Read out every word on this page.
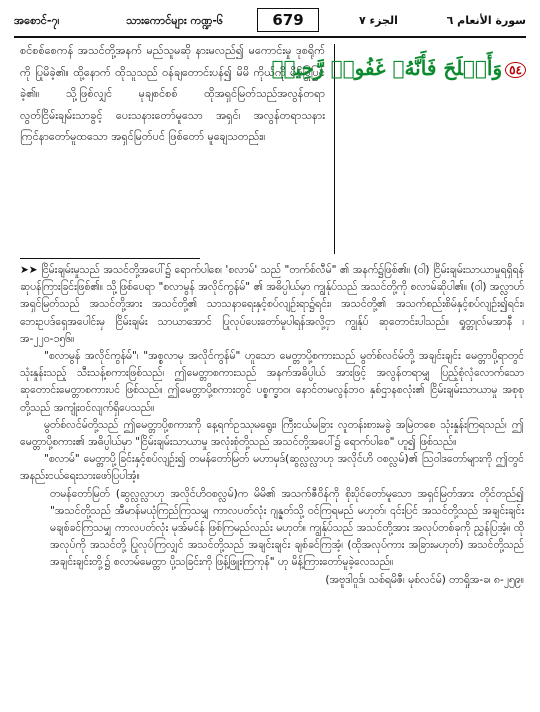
အစောင်-၇၊	သားကောင်များ ကဏ္ဍ-၆	679	الجزء ٧	سورة الأنعام ٦
စင်စစ်စေကန် အသင်တို့အနက် မည်သူမဆို နားမလည်၍ မကောင်းမှု ဒုစရိုက်ကို ပြုမိခဲ့၏။ ထို့နောက် ထိုသူသည် ဝန်ချတောင်းပန်၍ မိမိ ကိုယ်ကို မိမိပြုပြင်ခဲ့၏။ သို့ဖြစ်လျှင် မုချစင်စစ် ထိုအရှင်မြတ်သည်အလွန်တရာ လွတ်ငြိမ်းချမ်းသာခွင့် ပေးသနားတော်မူသော အရှင်၊ အလွန်တရာသနား ကြင်နာတော်မူထသော အရှင်မြတ်ပင် ဖြစ်တော် မူချေသတည်း။
٥٤وَأَصۡلَحَ فَأَنَّهُۥ غَفُورٞ رَّحِيمٞ

➤➤ ငြိမ်းချမ်းမှုသည် အသင်တို့အပေါ်၌ ရောက်ပါစေ၊ 'စလာမ်' သည် "တက်စ်လီမ်" ၏ အနက်၌ဖြစ်၏။ (ဝါ) ငြိမ်းချမ်းသာယာမှုရရှိရန် ဆုပန်ကြားခြင်းဖြစ်၏။ သို့ဖြစ်ပေရာ "စလာမွန် အလိုင်ကွန်မ်" ၏ အဓိပ္ပါယ်မှာ ကျွန်ုပ်သည် အသင်တို့ကို စလာမ်ဆိုပါ၏။ (ဝါ) အလ္လာဟ်အရှင်မြတ်သည် အသင်တို့အား အသင်တို့၏ သာသနာရေးနှင့်စပ်လျဉ်းရာ၌ရင်း၊ အသင်တို့၏ အသက်စည်းစိမ်နှင့်စပ်လျဉ်း၍ရင်း၊ ဘေးဥပဒ်ရှေအပေါင်းမှ ငြိမ်းချမ်း သာယာအောင် ပြုလုပ်ပေးတော်မူပါရန်အလို့ငှာ ကျွန်ုပ် ဆုတောင်းပါသည်။ ရှုတ္တုလ်မအာနီ ၊အ-၂၂၀-၁၅၆။

"စလာမွန် အလိုင်ကွန်မ်"၊ "အစ္စလာမု အလိုင်ကွန်မ်" ဟူသော မေတ္တာပို့စကားသည် မွတ်စ်လင်မ်တို့ အချင်းချင်း မေတ္တာပို့ရာတွင် သုံးနှုန်းသည့် သီးသန့်စကားဖြစ်သည်၊ ဤမေတ္တာစကားသည် အနက်အဓိပ္ပါယ် အားဖြင့် အလွန်တရာမျှ ပြည့်စုံလုံလောက်သော ဆုတောင်းမေတ္တာစကားပင် ဖြစ်သည်။ ဤမေတ္တာပို့စကားတွင် ပစ္စက္ခာဝ၊ နောင်တမလွန်ဘဝ နှစ်ဌာနစလုံး၏ ငြိမ်းချမ်းသာယာမှု အစုစုတို့သည် အကျုံးဝင်လျက်ရှိပေသည်။

မွတ်စ်လင်မ်တို့သည် ဤမေတ္တာပို့စကားကို နေ့ရက်ဥဿုမရွေး၊ ကြီးငယ်မခြား လူတန်းစားမခွဲ အမြဲတစေ သုံးနှုန်းကြရသည်၊ ဤမေတ္တာပို့စကား၏ အဓိပ္ပါယ်မှာ "ငြိမ်းချမ်းသာယာမှု အလုံးစုံတို့သည် အသင်တို့အပေါ်၌ ရောက်ပါစေ" ဟူ၍ ဖြစ်သည်။

"စလာမ်" မေတ္တာပို့ခြင်းနှင့်စပ်လျဉ်း၍ တမန်တော်မြတ် မဟာမှဒ်(ဆွလ္လလ္လာဟု အလိုင်ဟိ ဝစလ္လမ်)၏ ဩဝါဒတော်များကို ဤတွင် အနည်းငယ်ရေးသားဖော်ပြပါအံ့။

တမန်တော်မြတ် (ဆွလ္လလ္လာဟု အလိုင်ဟိဝစလ္လမ်)က မိမိ၏ အသက်ဇီဝိန်ကို စိုးပိုင်တော်မူသော အရှင်မြတ်အား တိုင်တည်၍ "အသင်တို့သည် အီမာန်မယုံကြည်ကြသမျှ ကာလပတ်လုံး ဂျန္နတ်သို့ ဝင်ကြရမည် မဟုတ်၊ ၎င်းပြင် အသင်တို့သည် အချင်းချင်း မချစ်ခင်ကြသမျှ ကာလပတ်လုံး မုအ်မင်န် ဖြစ်ကြမည်လည်း မဟုတ်။ ကျွန်ုပ်သည် အသင်တို့အား အလုပ်တစ်ခုကို ညွှန်ပြအံ့။ ထိုအလုပ်ကို အသင်တို့ ပြုလုပ်ကြလျှင် အသင်တို့သည် အချင်းချင်း ချစ်ခင်ကြအံ့၊ (ထိုအလုပ်ကား အခြားမဟုတ်) အသင်တို့သည် အချင်းချင်းတို့၌ စလာမ်မေတ္တာ ပို့သခြင်းကို ဖြန့်ဖြူးကြကုန်" ဟု မိန့်ကြားတော်မူခဲ့လေသည်။

(အဗူဒါဝူဒ်၊ သစ်ရမိဇီ၊ မုစ်လင်မ်) တာရှိုအ-ခ၊ ၈-၂၅၉။
